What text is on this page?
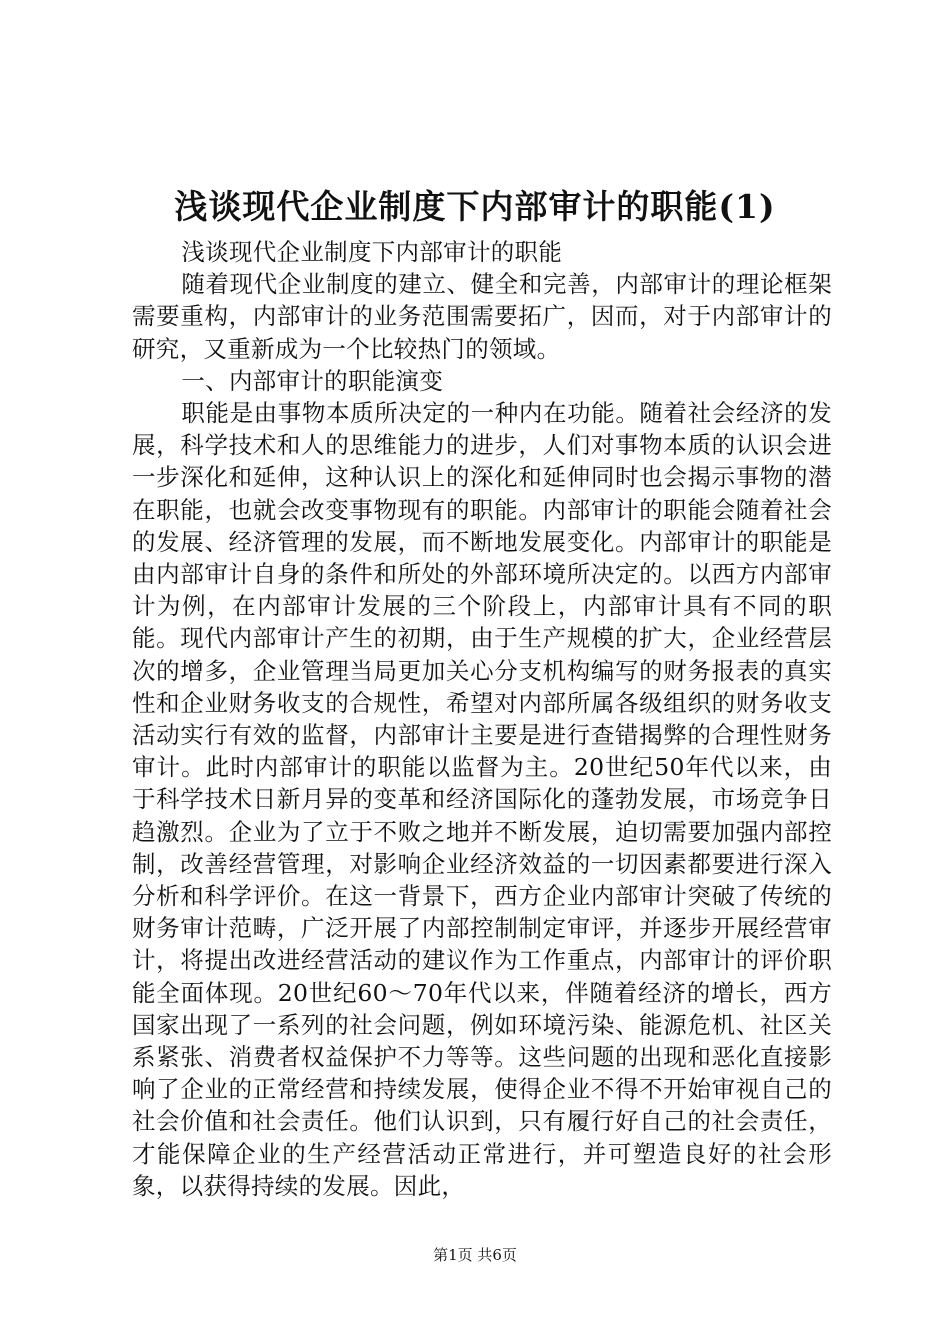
浅谈现代企业制度下内部审计的职能(1)

浅谈现代企业制度下内部审计的职能

随着现代企业制度的建立、健全和完善，内部审计的理论框架需要重构，内部审计的业务范围需要拓广，因而，对于内部审计的研究，又重新成为一个比较热门的领域。

一、内部审计的职能演变

职能是由事物本质所决定的一种内在功能。随着社会经济的发展，科学技术和人的思维能力的进步，人们对事物本质的认识会进一步深化和延伸，这种认识上的深化和延伸同时也会揭示事物的潜在职能，也就会改变事物现有的职能。内部审计的职能会随着社会的发展、经济管理的发展，而不断地发展变化。内部审计的职能是由内部审计自身的条件和所处的外部环境所决定的。以西方内部审计为例，在内部审计发展的三个阶段上，内部审计具有不同的职能。现代内部审计产生的初期，由于生产规模的扩大，企业经营层次的增多，企业管理当局更加关心分支机构编写的财务报表的真实性和企业财务收支的合规性，希望对内部所属各级组织的财务收支活动实行有效的监督，内部审计主要是进行查错揭弊的合理性财务审计。此时内部审计的职能以监督为主。20世纪50年代以来，由于科学技术日新月异的变革和经济国际化的蓬勃发展，市场竞争日趋激烈。企业为了立于不败之地并不断发展，迫切需要加强内部控制，改善经营管理，对影响企业经济效益的一切因素都要进行深入分析和科学评价。在这一背景下，西方企业内部审计突破了传统的财务审计范畴，广泛开展了内部控制制定审评，并逐步开展经营审计，将提出改进经营活动的建议作为工作重点，内部审计的评价职能全面体现。20世纪60～70年代以来，伴随着经济的增长，西方国家出现了一系列的社会问题，例如环境污染、能源危机、社区关系紧张、消费者权益保护不力等等。这些问题的出现和恶化直接影响了企业的正常经营和持续发展，使得企业不得不开始审视自己的社会价值和社会责任。他们认识到，只有履行好自己的社会责任，才能保障企业的生产经营活动正常进行，并可塑造良好的社会形象，以获得持续的发展。因此，

第1页 共6页
